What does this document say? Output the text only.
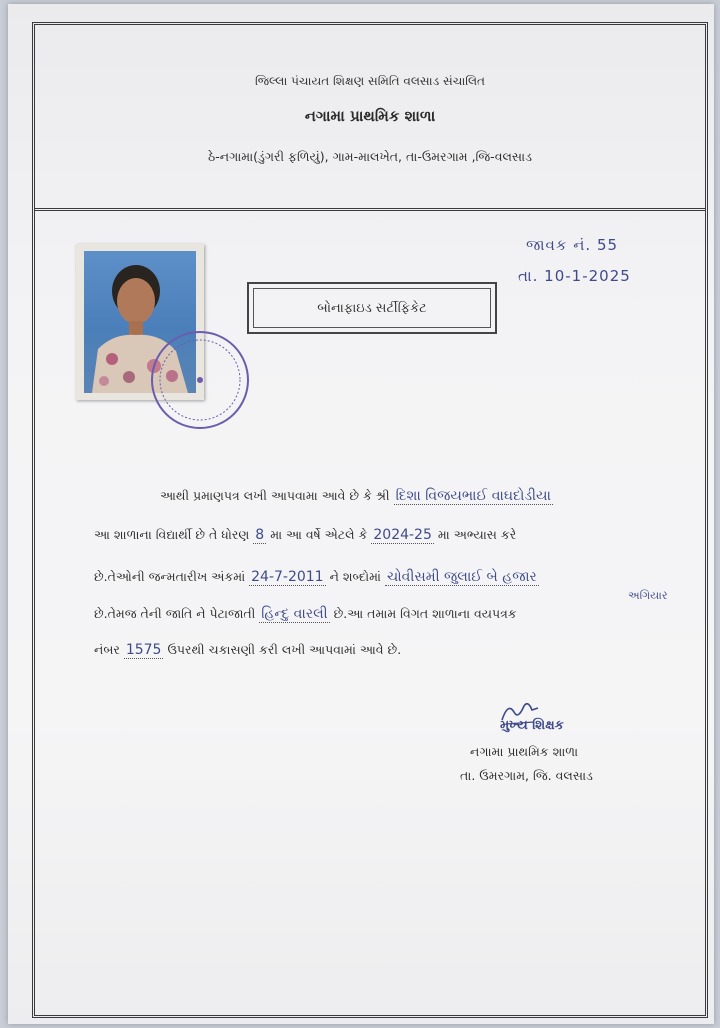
જિલ્લા પંચાયત શિક્ષણ સમિતિ વલસાડ સંચાલિત
નગામા પ્રાથમિક શાળા
ઠે-નગામા(ડુંગરી ફળિયું), ગામ-માલખેત, તા-ઉમરગામ ,જિ-વલસાડ
બોનાફાઇડ સર્ટીફિકેટ
જાવક નં. 55
તા. 10-1-2025
આથી પ્રમાણપત્ર લખી આપવામા આવે છે કે શ્રી દિશા વિજયભાઈ વાઘદોડીયા
આ શાળાના વિદ્યાર્થી છે તે ધોરણ 8 મા આ વર્ષે એટલે કે 2024-25 મા અભ્યાસ કરે
છે.તેઓની જન્મતારીખ અંકમાં 24-7-2011 ને શબ્દોમાં ચોવીસમી જુલાઈ બે હજાર
અગિયાર
છે.તેમજ તેની જાતિ ને પેટાજાતી હિન્દુ વારલી છે.આ તમામ વિગત શાળાના વયપત્રક
નંબર 1575 ઉપરથી ચકાસણી કરી લખી આપવામાં આવે છે.
મુખ્ય શિક્ષક
નગામા પ્રાથમિક શાળા
તા. ઉમરગામ, જિ. વલસાડ
